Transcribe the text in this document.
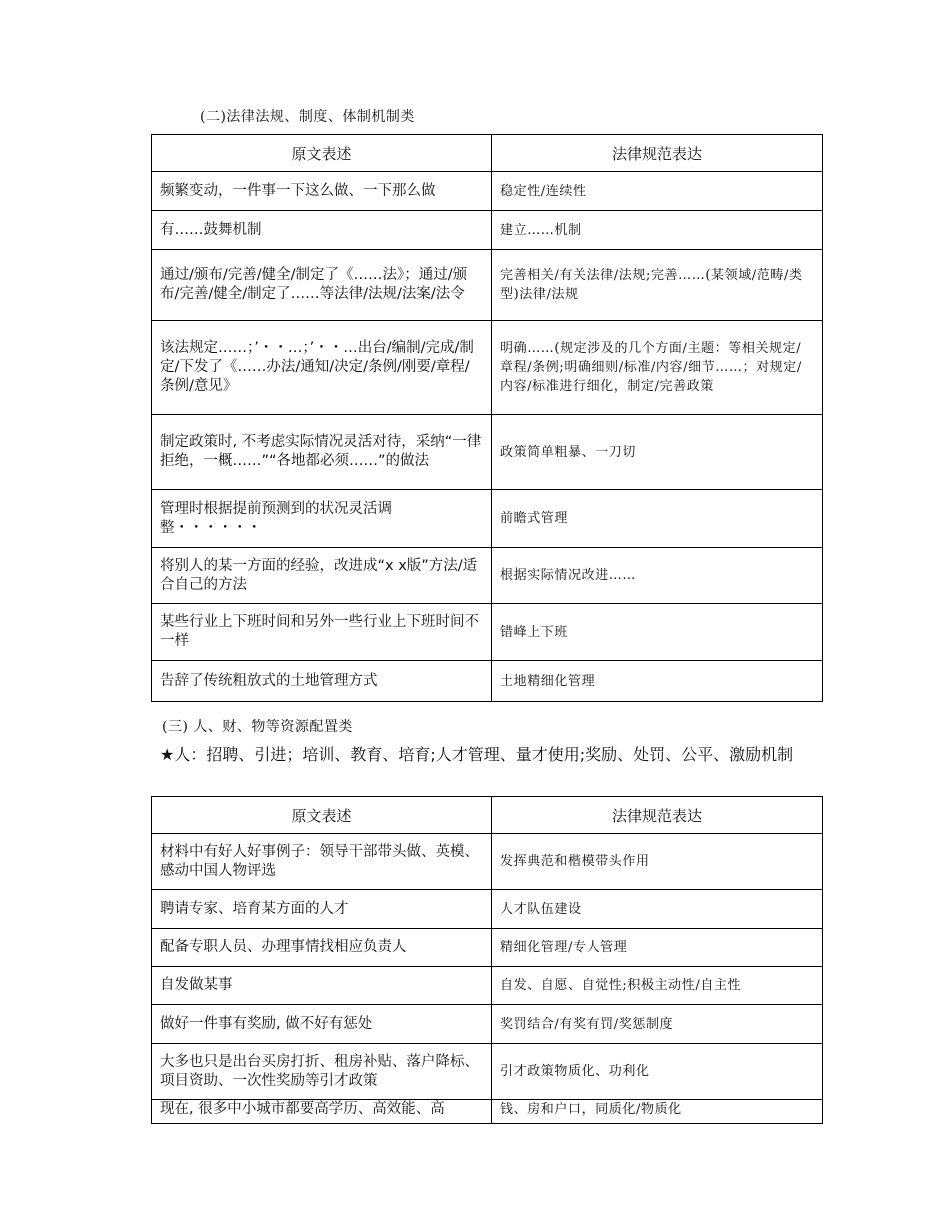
(二)法律法规、制度、体制机制类
原文表述	法律规范表达
频繁变动，一件事一下这么做、一下那么做	稳定性/连续性
有……鼓舞机制	建立……机制
通过/颁布/完善/健全/制定了《……法》；通过/颁布/完善/健全/制定了……等法律/法规/法案/法令	完善相关/有关法律/法规;完善……(某领域/范畴/类型)法律/法规
该法规定……；’・・…；’・・…出台/编制/完成/制定/下发了《……办法/通知/决定/条例/刚要/章程/条例/意见》	明确……(规定涉及的几个方面/主题：等相关规定/章程/条例;明确细则/标准/内容/细节……；对规定/内容/标准进行细化，制定/完善政策
制定政策时, 不考虑实际情况灵活对待，采纳“一律拒绝，一概……”“各地都必须……”的做法	政策简单粗暴、一刀切
管理时根据提前预测到的状况灵活调整・・・・・・	前瞻式管理
将别人的某一方面的经验，改进成“x x版”方法/适合自己的方法	根据实际情况改进……
某些行业上下班时间和另外一些行业上下班时间不一样	错峰上下班
告辞了传统粗放式的土地管理方式	土地精细化管理
(三) 人、财、物等资源配置类
★人：招聘、引进；培训、教育、培育;人才管理、量才使用;奖励、处罚、公平、激励机制
原文表述	法律规范表达
材料中有好人好事例子：领导干部带头做、英模、感动中国人物评选	发挥典范和楷模带头作用
聘请专家、培育某方面的人才	人才队伍建设
配备专职人员、办理事情找相应负责人	精细化管理/专人管理
自发做某事	自发、自愿、自觉性;积极主动性/自主性
做好一件事有奖励, 做不好有惩处	奖罚结合/有奖有罚/奖惩制度
大多也只是出台买房打折、租房补贴、落户降标、项目资助、一次性奖励等引才政策	引才政策物质化、功利化
现在, 很多中小城市都要高学历、高效能、高	钱、房和户口，同质化/物质化
